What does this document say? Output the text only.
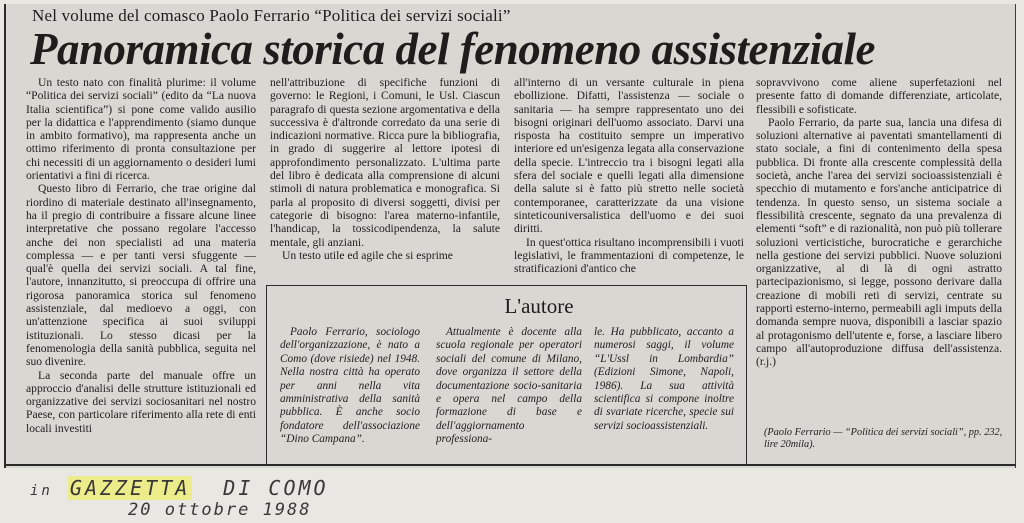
Nel volume del comasco Paolo Ferrario “Politica dei servizi sociali”
Panoramica storica del fenomeno assistenziale

Un testo nato con finalità plurime: il volume “Politica dei servizi sociali” (edito da “La nuova Italia scientifica”) si pone come valido ausilio per la didattica e l'apprendimento (siamo dunque in ambito formativo), ma rappresenta anche un ottimo riferimento di pronta consultazione per chi necessiti di un aggiornamento o desideri lumi orientativi a fini di ricerca.

Questo libro di Ferrario, che trae origine dal riordino di materiale destinato all'insegnamento, ha il pregio di contribuire a fissare alcune linee interpretative che possano regolare l'accesso anche dei non specialisti ad una materia complessa — e per tanti versi sfuggente — qual'è quella dei servizi sociali. A tal fine, l'autore, innanzitutto, si preoccupa di offrire una rigorosa panoramica storica sul fenomeno assistenziale, dal medioevo a oggi, con un'attenzione specifica ai suoi sviluppi istituzionali. Lo stesso dicasi per la fenomenologia della sanità pubblica, seguita nel suo divenire.

La seconda parte del manuale offre un approccio d'analisi delle strutture istituzionali ed organizzative dei servizi sociosanitari nel nostro Paese, con particolare riferimento alla rete di enti locali investiti

nell'attribuzione di specifiche funzioni di governo: le Regioni, i Comuni, le Usl. Ciascun paragrafo di questa sezione argomentativa e della successiva è d'altronde corredato da una serie di indicazioni normative. Ricca pure la bibliografia, in grado di suggerire al lettore ipotesi di approfondimento personalizzato. L'ultima parte del libro è dedicata alla comprensione di alcuni stimoli di natura problematica e monografica. Si parla al proposito di diversi soggetti, divisi per categorie di bisogno: l'area materno-infantile, l'handicap, la tossicodipendenza, la salute mentale, gli anziani.

Un testo utile ed agile che si esprime

all'interno di un versante culturale in piena ebollizione. Difatti, l'assistenza — sociale o sanitaria — ha sempre rappresentato uno dei bisogni originari dell'uomo associato. Darvi una risposta ha costituito sempre un imperativo interiore ed un'esigenza legata alla conservazione della specie. L'intreccio tra i bisogni legati alla sfera del sociale e quelli legati alla dimensione della salute si è fatto più stretto nelle società contemporanee, caratterizzate da una visione sinteticouniversalistica dell'uomo e dei suoi diritti.

In quest'ottica risultano incomprensibili i vuoti legislativi, le frammentazioni di competenze, le stratificazioni d'antico che

sopravvivono come aliene superfetazioni nel presente fatto di domande differenziate, articolate, flessibili e sofisticate.

Paolo Ferrario, da parte sua, lancia una difesa di soluzioni alternative ai paventati smantellamenti di stato sociale, a fini di contenimento della spesa pubblica. Di fronte alla crescente complessità della società, anche l'area dei servizi socioassistenziali è specchio di mutamento e fors'anche anticipatrice di tendenza. In questo senso, un sistema sociale a flessibilità crescente, segnato da una prevalenza di elementi “soft” e di razionalità, non può più tollerare soluzioni verticistiche, burocratiche e gerarchiche nella gestione dei servizi pubblici. Nuove soluzioni organizzative, al di là di ogni astratto partecipazionismo, si legge, possono derivare dalla creazione di mobili reti di servizi, centrate su rapporti esterno-interno, permeabili agli imputs della domanda sempre nuova, disponibili a lasciar spazio al protagonismo dell'utente e, forse, a lasciare libero campo all'autoproduzione diffusa dell'assistenza. (r.j.)

L'autore

Paolo Ferrario, sociologo dell'organizzazione, è nato a Como (dove risiede) nel 1948. Nella nostra città ha operato per anni nella vita amministrativa della sanità pubblica. È anche socio fondatore dell'associazione “Dino Campana”.

Attualmente è docente alla scuola regionale per operatori sociali del comune di Milano, dove organizza il settore della documentazione socio-sanitaria e opera nel campo della formazione di base e dell'aggiornamento professiona-

le. Ha pubblicato, accanto a numerosi saggi, il volume “L'Ussl in Lombardia” (Edizioni Simone, Napoli, 1986). La sua attività scientifica si compone inoltre di svariate ricerche, specie sui servizi socioassistenziali.

(Paolo Ferrario — “Politica dei servizi sociali”, pp. 232, lire 20mila).
in GAZZETTA DI COMO
20 ottobre 1988
